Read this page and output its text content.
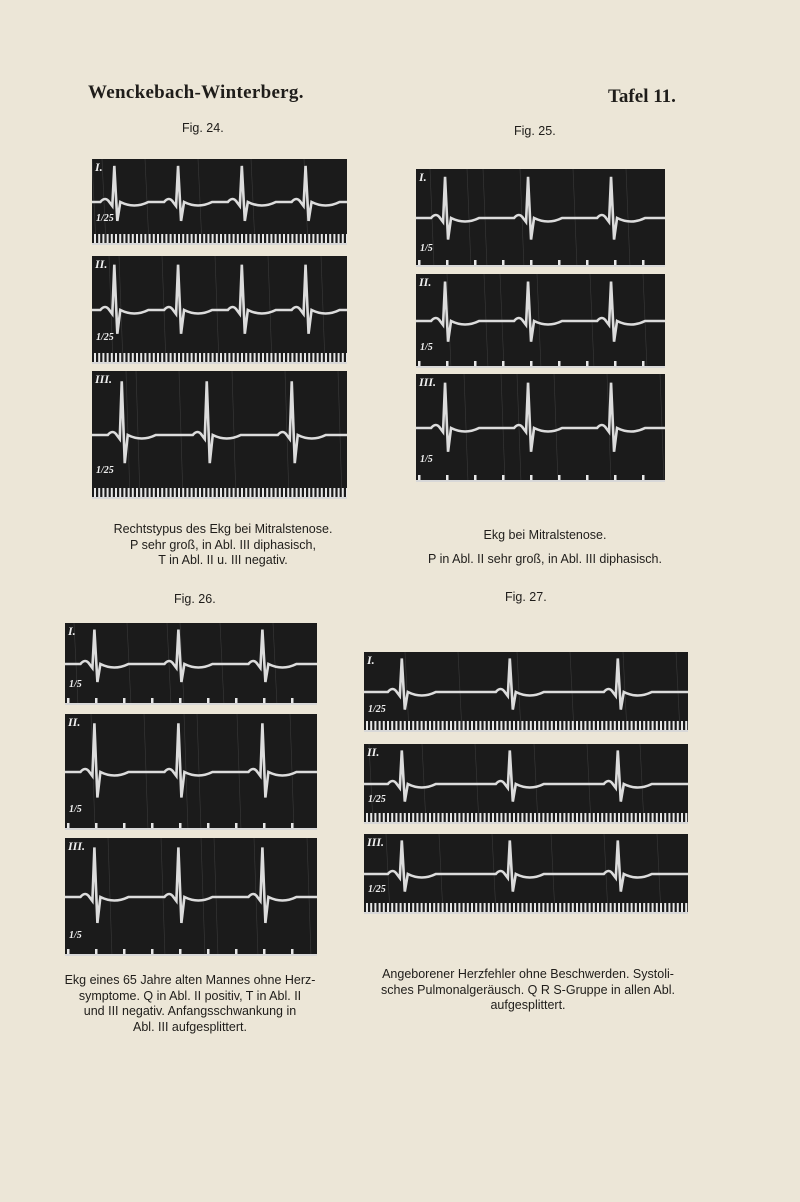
Wenckebach-Winterberg.	Tafel 11.
Fig. 24.
I.
1/25
II.
1/25
III.
1/25
Rechtstypus des Ekg bei Mitralstenose.
P sehr groß, in Abl. III diphasisch,
T in Abl. II u. III negativ.
Fig. 25.
I.
1/5
II.
1/5
III.
1/5
Ekg bei Mitralstenose.
P in Abl. II sehr groß, in Abl. III diphasisch.
Fig. 26.
I.
1/5
II.
1/5
III.
1/5
Ekg eines 65 Jahre alten Mannes ohne Herz-
symptome. Q in Abl. II positiv, T in Abl. II
und III negativ. Anfangsschwankung in
Abl. III aufgesplittert.
Fig. 27.
I.
1/25
II.
1/25
III.
1/25
Angeborener Herzfehler ohne Beschwerden. Systoli-
sches Pulmonalgeräusch. Q R S-Gruppe in allen Abl.
aufgesplittert.
